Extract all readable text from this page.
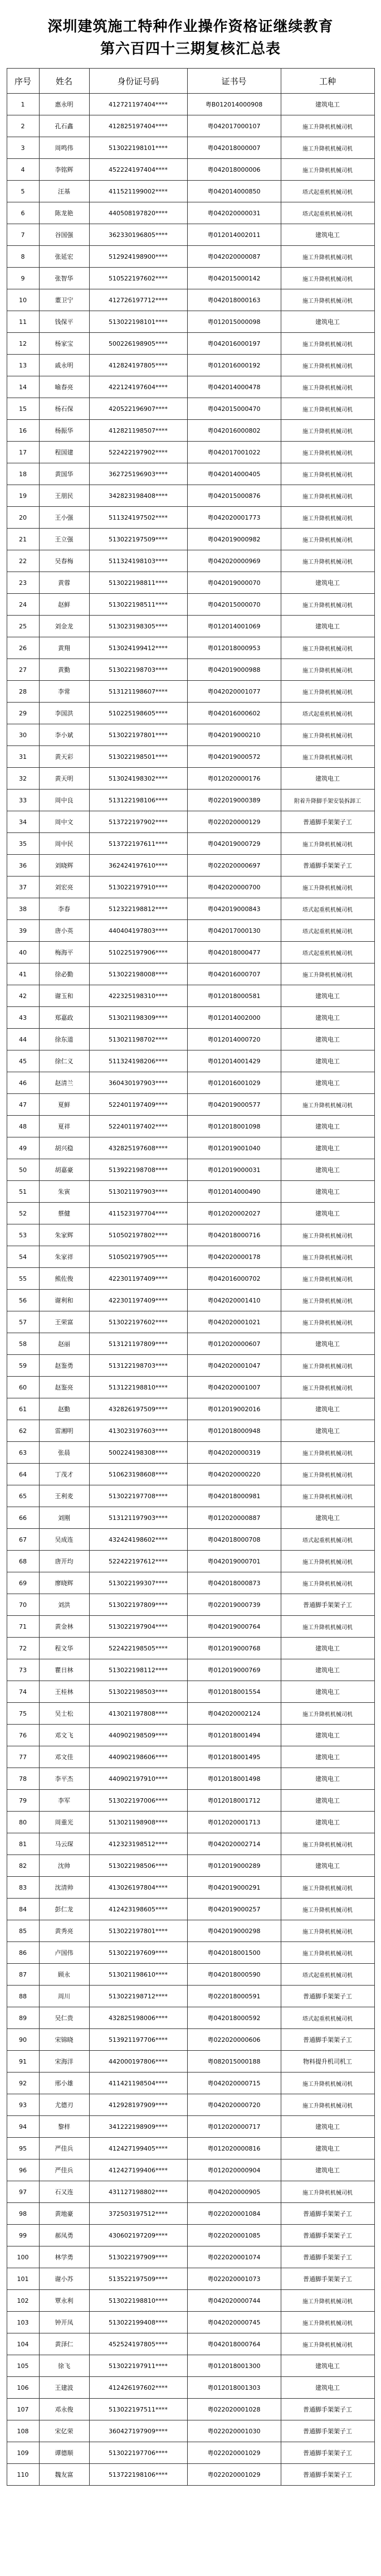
深圳建筑施工特种作业操作资格证继续教育
第六百四十三期复核汇总表
序号	姓名	身份证号码	证书号	工种
1	惠永明	412721197404****	粤B012014000908	建筑电工
2	孔石鑫	412825197404****	粤042017000107	施工升降机机械司机
3	周鸣伟	513022198101****	粤042018000007	施工升降机机械司机
4	李铭辉	452224197404****	粤042018000006	施工升降机机械司机
5	汪基	411521199002****	粤042014000850	塔式起重机机械司机
6	陈龙艳	440508197820****	粤042020000031	塔式起重机机械司机
7	谷国强	362330196805****	粤012014002011	建筑电工
8	张延宏	512924198900****	粤042020000087	施工升降机机械司机
9	张智华	510522197602****	粤042015000142	施工升降机机械司机
10	董卫宁	412726197712****	粤042018000163	施工升降机机械司机
11	钱保平	513022198101****	粤012015000098	建筑电工
12	杨家宝	500226198905****	粤042016000197	施工升降机机械司机
13	戚永明	412824197805****	粤012016000192	施工升降机机械司机
14	喻春亮	422124197604****	粤042014000478	施工升降机机械司机
15	杨石保	420522196907****	粤042015000470	施工升降机机械司机
16	杨振华	412821198507****	粤042016000802	施工升降机机械司机
17	程国建	522422197902****	粤042017001022	施工升降机机械司机
18	黄国华	362725196903****	粤042014000405	施工升降机机械司机
19	王朋民	342823198408****	粤042015000876	施工升降机机械司机
20	王小强	511324197502****	粤042020001773	施工升降机机械司机
21	王立强	513022197509****	粤042019000982	施工升降机机械司机
22	吴春梅	511324198103****	粤042020000969	施工升降机机械司机
23	黄蓉	513022198811****	粤042019000070	建筑电工
24	赵鲜	513022198511****	粤042015000070	施工升降机机械司机
25	刘金龙	513023198305****	粤012014001069	建筑电工
26	黄翔	513024199412****	粤012018000953	施工升降机机械司机
27	黄勤	513022198703****	粤042019000988	施工升降机机械司机
28	李常	513121198607****	粤042020001077	施工升降机机械司机
29	李国洪	510225198605****	粤042016000602	塔式起重机机械司机
30	李小斌	513022197801****	粤042019000210	施工升降机机械司机
31	黄天彩	513022198501****	粤042019000572	施工升降机机械司机
32	黄天明	513024198302****	粤012020000176	建筑电工
33	周中良	513122198106****	粤022019000389	附着升降脚手架安装拆卸工
34	周中文	513722197902****	粤022020000129	普通脚手架架子工
35	周中民	513722197611****	粤042019000729	施工升降机机械司机
36	刘晓辉	362424197610****	粤022020000697	普通脚手架架子工
37	刘宏亮	513022197910****	粤042020000700	施工升降机机械司机
38	李春	512322198812****	粤042019000843	塔式起重机机械司机
39	唐小英	440404197803****	粤042017000130	塔式起重机机械司机
40	梅海平	510225197906****	粤042018000477	塔式起重机机械司机
41	徐必勤	513022198008****	粤042016000707	施工升降机机械司机
42	谢玉和	422325198310****	粤012018000581	建筑电工
43	郑嘉政	513021198309****	粤012014002000	建筑电工
44	徐东道	513021198702****	粤012014000720	建筑电工
45	徐仁义	511324198206****	粤012014001429	建筑电工
46	赵清兰	360430197903****	粤012016001029	建筑电工
47	夏鲜	522401197409****	粤042019000577	施工升降机机械司机
48	夏祥	522401197402****	粤012018001098	建筑电工
49	胡兴稳	432825197608****	粤012019001040	建筑电工
50	胡嘉豪	513922198708****	粤012019000031	建筑电工
51	朱寅	513021197903****	粤012014000490	建筑电工
52	蔡健	411523197704****	粤012020002027	建筑电工
53	朱家辉	510502197802****	粤042018000716	施工升降机机械司机
54	朱家祥	510502197905****	粤042020000178	施工升降机机械司机
55	熊佐俊	422301197409****	粤042016000702	施工升降机机械司机
56	谢利和	422301197409****	粤042020001410	施工升降机机械司机
57	王荣富	513022197602****	粤042020001021	施工升降机机械司机
58	赵丽	513121197809****	粤012020000607	建筑电工
59	赵鉴勇	513122198703****	粤042020001047	施工升降机机械司机
60	赵鉴亮	513122198810****	粤042020001007	施工升降机机械司机
61	赵勤	432826197509****	粤012019002016	建筑电工
62	雷湘明	413023197603****	粤012018000948	建筑电工
63	张晨	500224198308****	粤042020000319	施工升降机机械司机
64	丁茂才	510623198608****	粤042020000220	施工升降机机械司机
65	王利麦	513022197708****	粤042018000981	施工升降机机械司机
66	刘刚	513121197903****	粤012020000887	建筑电工
67	吴成连	432424198602****	粤042018000708	塔式起重机机械司机
68	唐开均	522422197612****	粤042019000701	施工升降机机械司机
69	廖晓辉	513022199307****	粤042018000873	施工升降机机械司机
70	刘洪	513022197809****	粤022019000739	普通脚手架架子工
71	黄金林	513022197904****	粤042019000764	施工升降机机械司机
72	程文华	522422198505****	粤012019000768	建筑电工
73	瞿日林	513022198112****	粤012019000769	建筑电工
74	王桂林	513022198503****	粤012018001554	建筑电工
75	吴士松	413021197808****	粤042020002124	施工升降机机械司机
76	邓文飞	440902198509****	粤012018001494	建筑电工
77	邓文佳	440902198606****	粤012018001495	建筑电工
78	李平杰	440902197910****	粤012018001498	建筑电工
79	李军	513022197006****	粤012018001712	建筑电工
80	周重光	513021198908****	粤012020001713	建筑电工
81	马云琛	412323198512****	粤042020002714	施工升降机机械司机
82	沈帅	513022198506****	粤012019000289	建筑电工
83	沈清帅	413026197804****	粤042019000291	施工升降机机械司机
84	彭仁龙	412423198605****	粤042019000257	施工升降机机械司机
85	黄秀亮	513022197801****	粤042019000298	施工升降机机械司机
86	卢国伟	513022197609****	粤042018001500	施工升降机机械司机
87	顾永	513021198610****	粤042018000590	塔式起重机机械司机
88	周川	513022198712****	粤022018000591	普通脚手架架子工
89	吴仁贵	432825198006****	粤042018000592	塔式起重机机械司机
90	宋锦晓	513921197706****	粤022020000606	普通脚手架架子工
91	宋海洋	442000197806****	粤082015000188	物料提升机司机工
92	邢小雄	411421198504****	粤042020000715	施工升降机机械司机
93	尤德刃	412928197909****	粤042020000720	施工升降机机械司机
94	黎样	341222198909****	粤012020000717	建筑电工
95	严佳兵	412427199405****	粤012020000816	建筑电工
96	严佳兵	412427199406****	粤012020000904	建筑电工
97	石又连	431127198802****	粤042020000905	施工升降机机械司机
98	黄地豪	372503197512****	粤022020001084	普通脚手架架子工
99	郝凤勇	430602197209****	粤022020001085	普通脚手架架子工
100	林学勇	513022197909****	粤022020001074	普通脚手架架子工
101	谢小苏	513522197509****	粤022020001073	普通脚手架架子工
102	覃永利	513022198810****	粤042020000744	施工升降机机械司机
103	钟开凤	513022199408****	粤042020000745	施工升降机机械司机
104	黄泽仁	452524197805****	粤042018000764	施工升降机机械司机
105	徐飞	513022197911****	粤012018001300	建筑电工
106	王建波	412426197602****	粤012018001303	建筑电工
107	邓永俊	513022197511****	粤022020001028	普通脚手架架子工
108	宋亿荣	360427197909****	粤022020001030	普通脚手架架子工
109	谭德顺	513022197706****	粤022020001029	普通脚手架架子工
110	魏友富	513722198106****	粤022020001029	普通脚手架架子工
